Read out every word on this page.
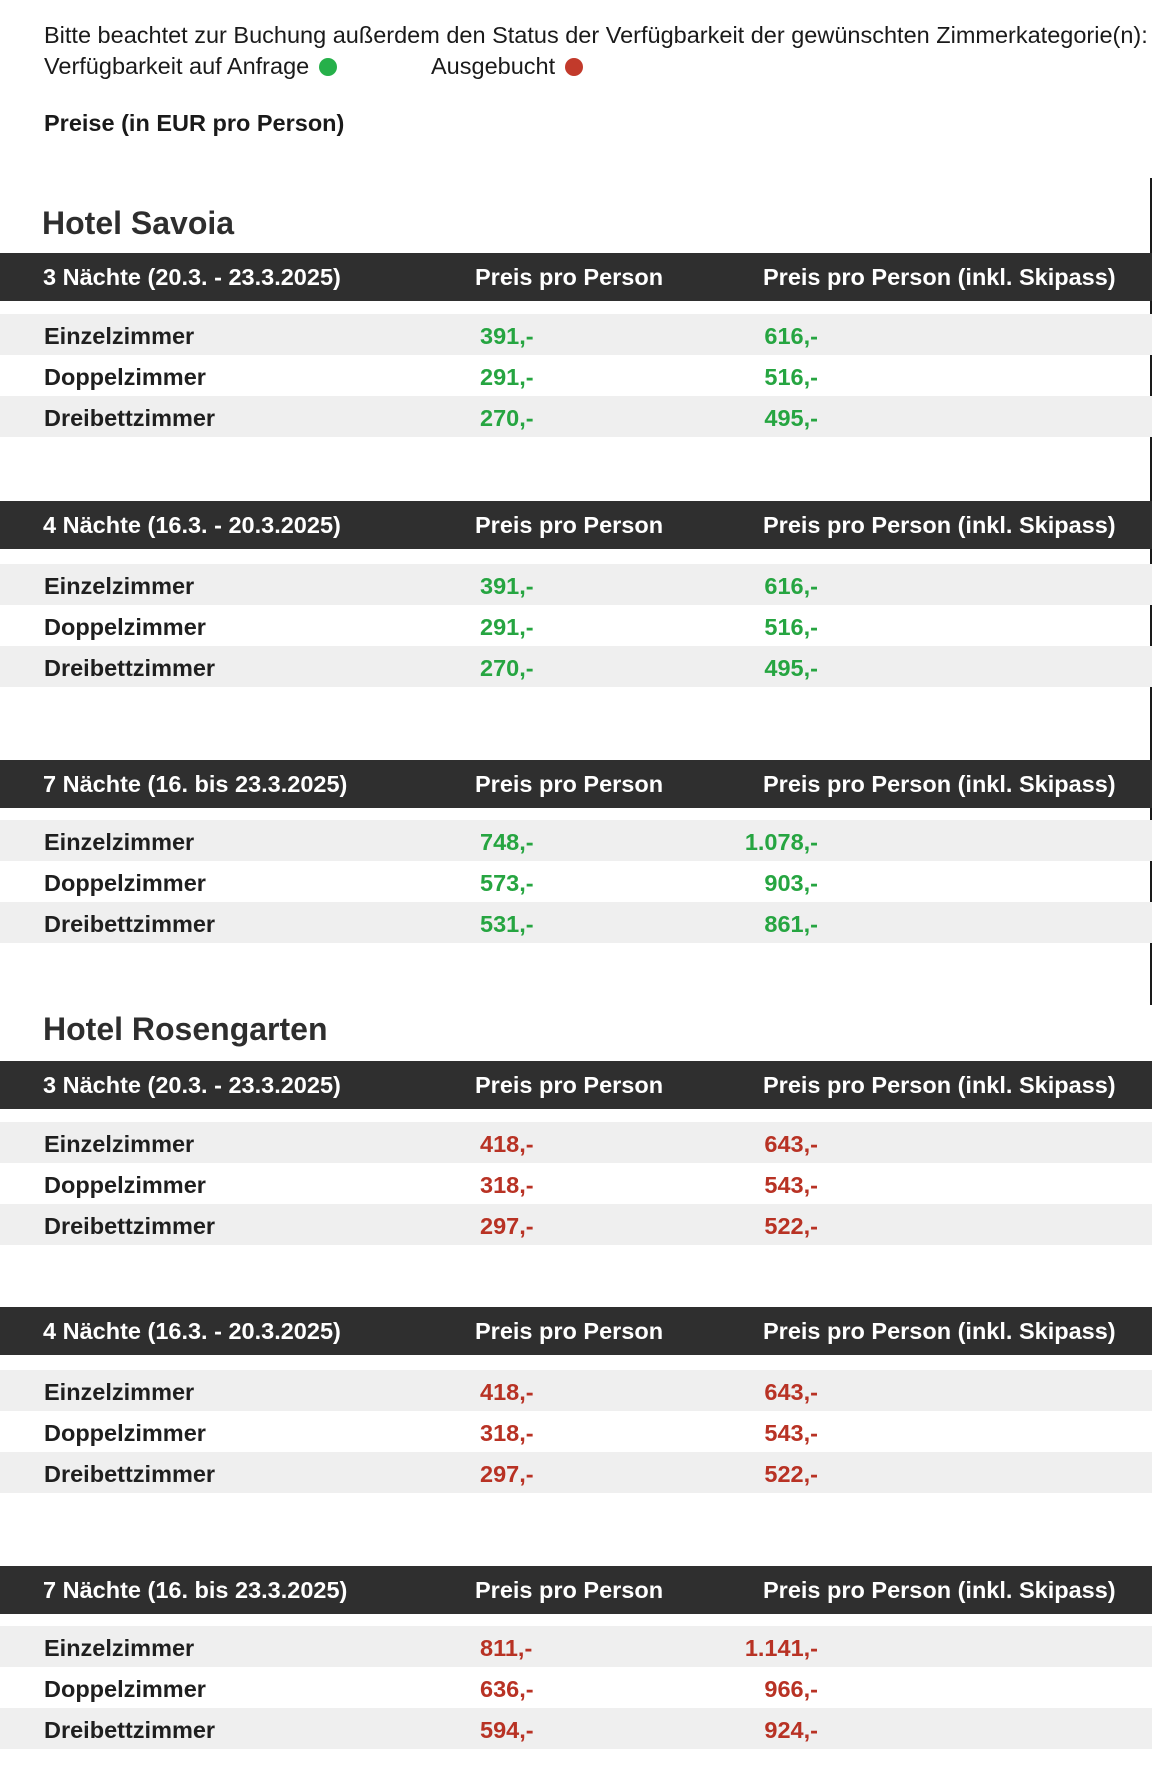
Bitte beachtet zur Buchung außerdem den Status der Verfügbarkeit der gewünschten Zimmerkategorie(n):
Verfügbarkeit auf Anfrage	Ausgebucht
Preise (in EUR pro Person)
Hotel Savoia
3 Nächte (20.3. - 23.3.2025)	Preis pro Person	Preis pro Person (inkl. Skipass)
Einzelzimmer	391,-	616,-
Doppelzimmer	291,-	516,-
Dreibettzimmer	270,-	495,-
4 Nächte (16.3. - 20.3.2025)	Preis pro Person	Preis pro Person (inkl. Skipass)
Einzelzimmer	391,-	616,-
Doppelzimmer	291,-	516,-
Dreibettzimmer	270,-	495,-
7 Nächte (16. bis 23.3.2025)	Preis pro Person	Preis pro Person (inkl. Skipass)
Einzelzimmer	748,-	1.078,-
Doppelzimmer	573,-	903,-
Dreibettzimmer	531,-	861,-
Hotel Rosengarten
3 Nächte (20.3. - 23.3.2025)	Preis pro Person	Preis pro Person (inkl. Skipass)
Einzelzimmer	418,-	643,-
Doppelzimmer	318,-	543,-
Dreibettzimmer	297,-	522,-
4 Nächte (16.3. - 20.3.2025)	Preis pro Person	Preis pro Person (inkl. Skipass)
Einzelzimmer	418,-	643,-
Doppelzimmer	318,-	543,-
Dreibettzimmer	297,-	522,-
7 Nächte (16. bis 23.3.2025)	Preis pro Person	Preis pro Person (inkl. Skipass)
Einzelzimmer	811,-	1.141,-
Doppelzimmer	636,-	966,-
Dreibettzimmer	594,-	924,-
